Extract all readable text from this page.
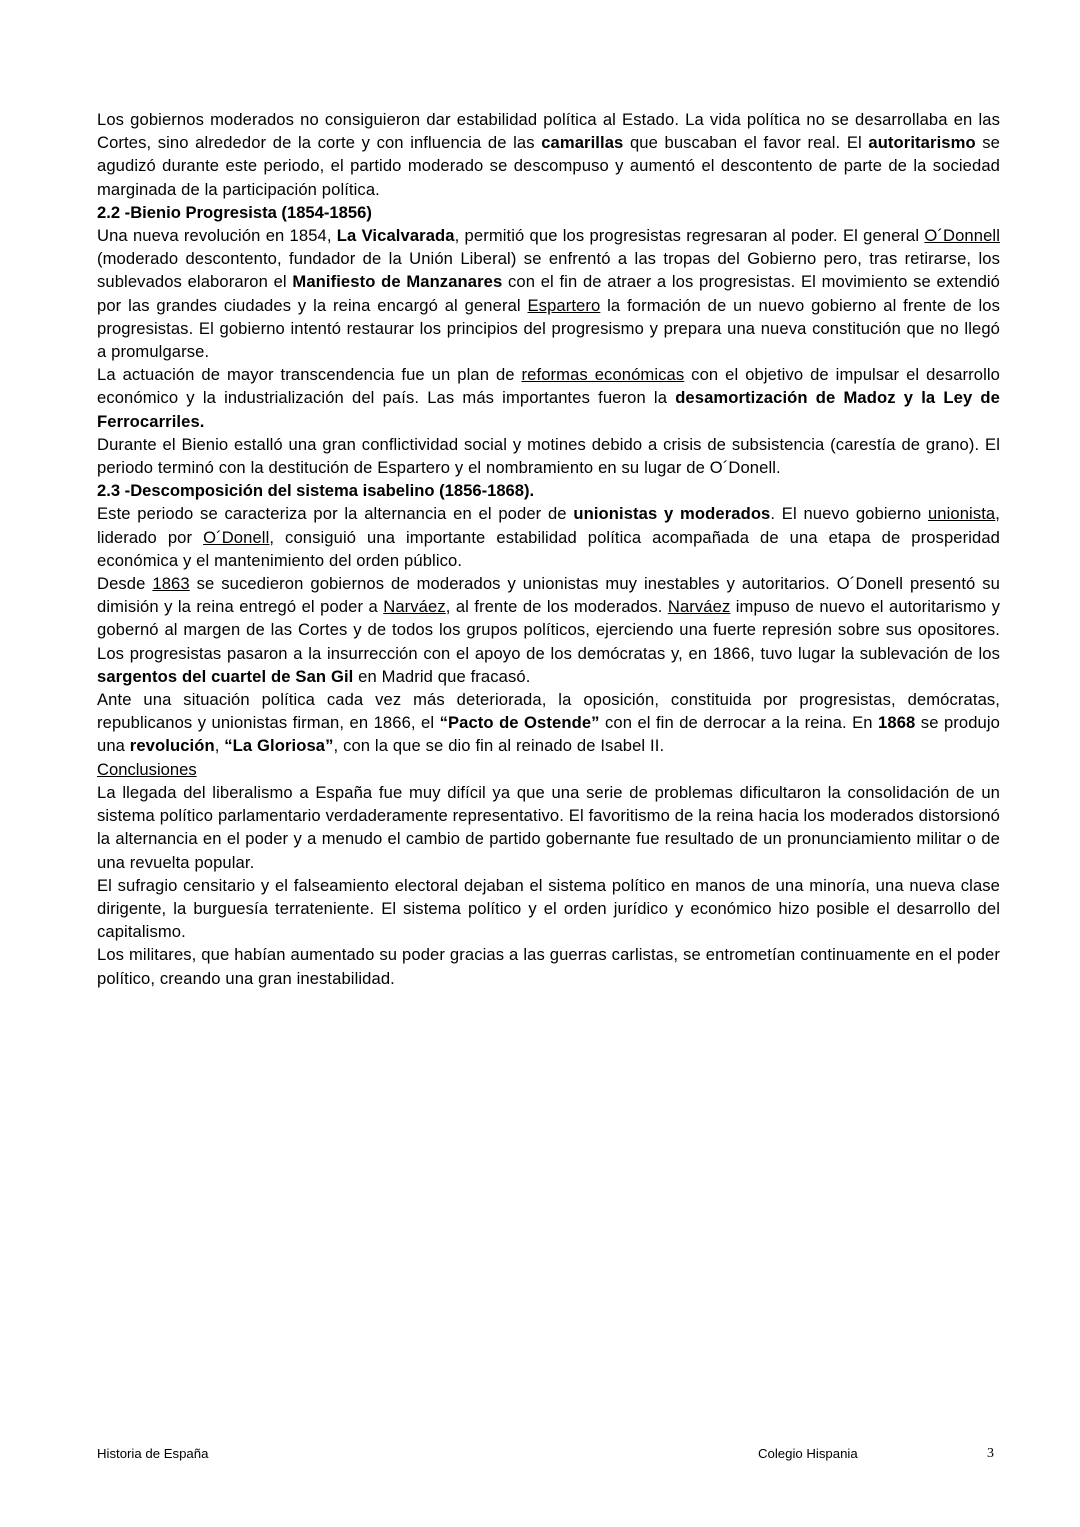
Los gobiernos moderados no consiguieron dar estabilidad política al Estado. La vida política no se desarrollaba en las Cortes, sino alrededor de la corte y con influencia de las camarillas que buscaban el favor real. El autoritarismo se agudizó durante este periodo, el partido moderado se descompuso y aumentó el descontento de parte de la sociedad marginada de la participación política.

2.2 -Bienio Progresista (1854-1856)

Una nueva revolución en 1854, La Vicalvarada, permitió que los progresistas regresaran al poder. El general O´Donnell (moderado descontento, fundador de la Unión Liberal) se enfrentó a las tropas del Gobierno pero, tras retirarse, los sublevados elaboraron el Manifiesto de Manzanares con el fin de atraer a los progresistas. El movimiento se extendió por las grandes ciudades y la reina encargó al general Espartero la formación de un nuevo gobierno al frente de los progresistas. El gobierno intentó restaurar los principios del progresismo y prepara una nueva constitución que no llegó a promulgarse.

La actuación de mayor transcendencia fue un plan de reformas económicas con el objetivo de impulsar el desarrollo económico y la industrialización del país. Las más importantes fueron la desamortización de Madoz y la Ley de Ferrocarriles.

Durante el Bienio estalló una gran conflictividad social y motines debido a crisis de subsistencia (carestía de grano). El periodo terminó con la destitución de Espartero y el nombramiento en su lugar de O´Donell.

2.3 -Descomposición del sistema isabelino (1856-1868).

Este periodo se caracteriza por la alternancia en el poder de unionistas y moderados. El nuevo gobierno unionista, liderado por O´Donell, consiguió una importante estabilidad política acompañada de una etapa de prosperidad económica y el mantenimiento del orden público.

Desde 1863 se sucedieron gobiernos de moderados y unionistas muy inestables y autoritarios. O´Donell presentó su dimisión y la reina entregó el poder a Narváez, al frente de los moderados. Narváez impuso de nuevo el autoritarismo y gobernó al margen de las Cortes y de todos los grupos políticos, ejerciendo una fuerte represión sobre sus opositores. Los progresistas pasaron a la insurrección con el apoyo de los demócratas y, en 1866, tuvo lugar la sublevación de los sargentos del cuartel de San Gil en Madrid que fracasó.

Ante una situación política cada vez más deteriorada, la oposición, constituida por progresistas, demócratas, republicanos y unionistas firman, en 1866, el “Pacto de Ostende” con el fin de derrocar a la reina. En 1868 se produjo una revolución, “La Gloriosa”, con la que se dio fin al reinado de Isabel II.

Conclusiones

La llegada del liberalismo a España fue muy difícil ya que una serie de problemas dificultaron la consolidación de un sistema político parlamentario verdaderamente representativo. El favoritismo de la reina hacia los moderados distorsionó la alternancia en el poder y a menudo el cambio de partido gobernante fue resultado de un pronunciamiento militar o de una revuelta popular.

El sufragio censitario y el falseamiento electoral dejaban el sistema político en manos de una minoría, una nueva clase dirigente, la burguesía terrateniente. El sistema político y el orden jurídico y económico hizo posible el desarrollo del capitalismo.

Los militares, que habían aumentado su poder gracias a las guerras carlistas, se entrometían continuamente en el poder político, creando una gran inestabilidad.

Historia de España	Colegio Hispania	3
